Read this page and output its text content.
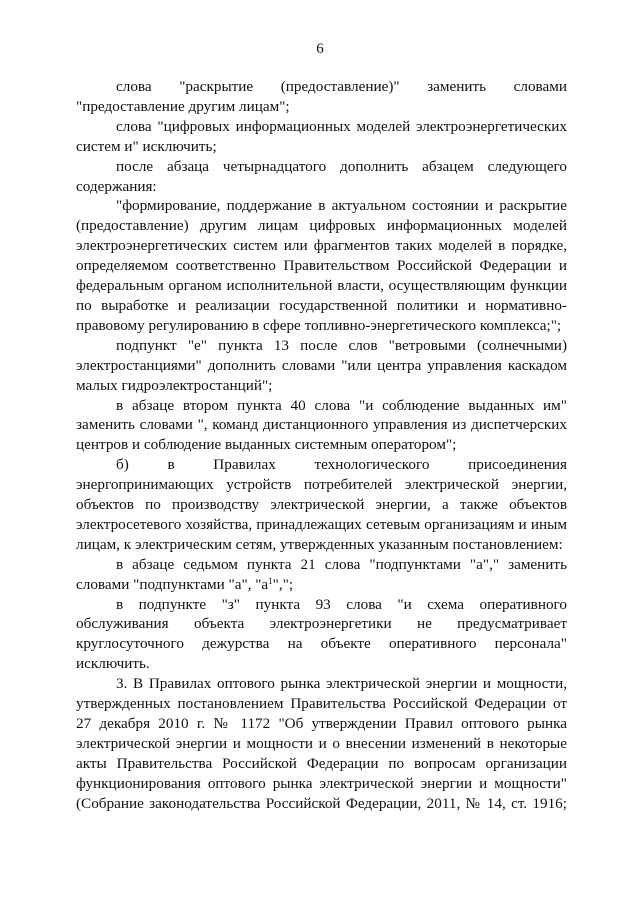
6

слова "раскрытие (предоставление)" заменить словами "предоставление другим лицам";

слова "цифровых информационных моделей электроэнергетических систем и" исключить;

после абзаца четырнадцатого дополнить абзацем следующего содержания:

"формирование, поддержание в актуальном состоянии и раскрытие (предоставление) другим лицам цифровых информационных моделей электроэнергетических систем или фрагментов таких моделей в порядке, определяемом соответственно Правительством Российской Федерации и федеральным органом исполнительной власти, осуществляющим функции по выработке и реализации государственной политики и нормативно-правовому регулированию в сфере топливно-энергетического комплекса;";

подпункт "е" пункта 13 после слов "ветровыми (солнечными) электростанциями" дополнить словами "или центра управления каскадом малых гидроэлектростанций";

в абзаце втором пункта 40 слова "и соблюдение выданных им" заменить словами ", команд дистанционного управления из диспетчерских центров и соблюдение выданных системным оператором";

б) в Правилах технологического присоединения энергопринимающих устройств потребителей электрической энергии, объектов по производству электрической энергии, а также объектов электросетевого хозяйства, принадлежащих сетевым организациям и иным лицам, к электрическим сетям, утвержденных указанным постановлением:

в абзаце седьмом пункта 21 слова "подпунктами "а"," заменить словами "подпунктами "а", "$а^1$",";

в подпункте "з" пункта 93 слова "и схема оперативного обслуживания объекта электроэнергетики не предусматривает круглосуточного дежурства на объекте оперативного персонала" исключить.

3. В Правилах оптового рынка электрической энергии и мощности, утвержденных постановлением Правительства Российской Федерации от 27 декабря 2010 г. № 1172 "Об утверждении Правил оптового рынка электрической энергии и мощности и о внесении изменений в некоторые акты Правительства Российской Федерации по вопросам организации функционирования оптового рынка электрической энергии и мощности" (Собрание законодательства Российской Федерации, 2011, № 14, ст. 1916;
